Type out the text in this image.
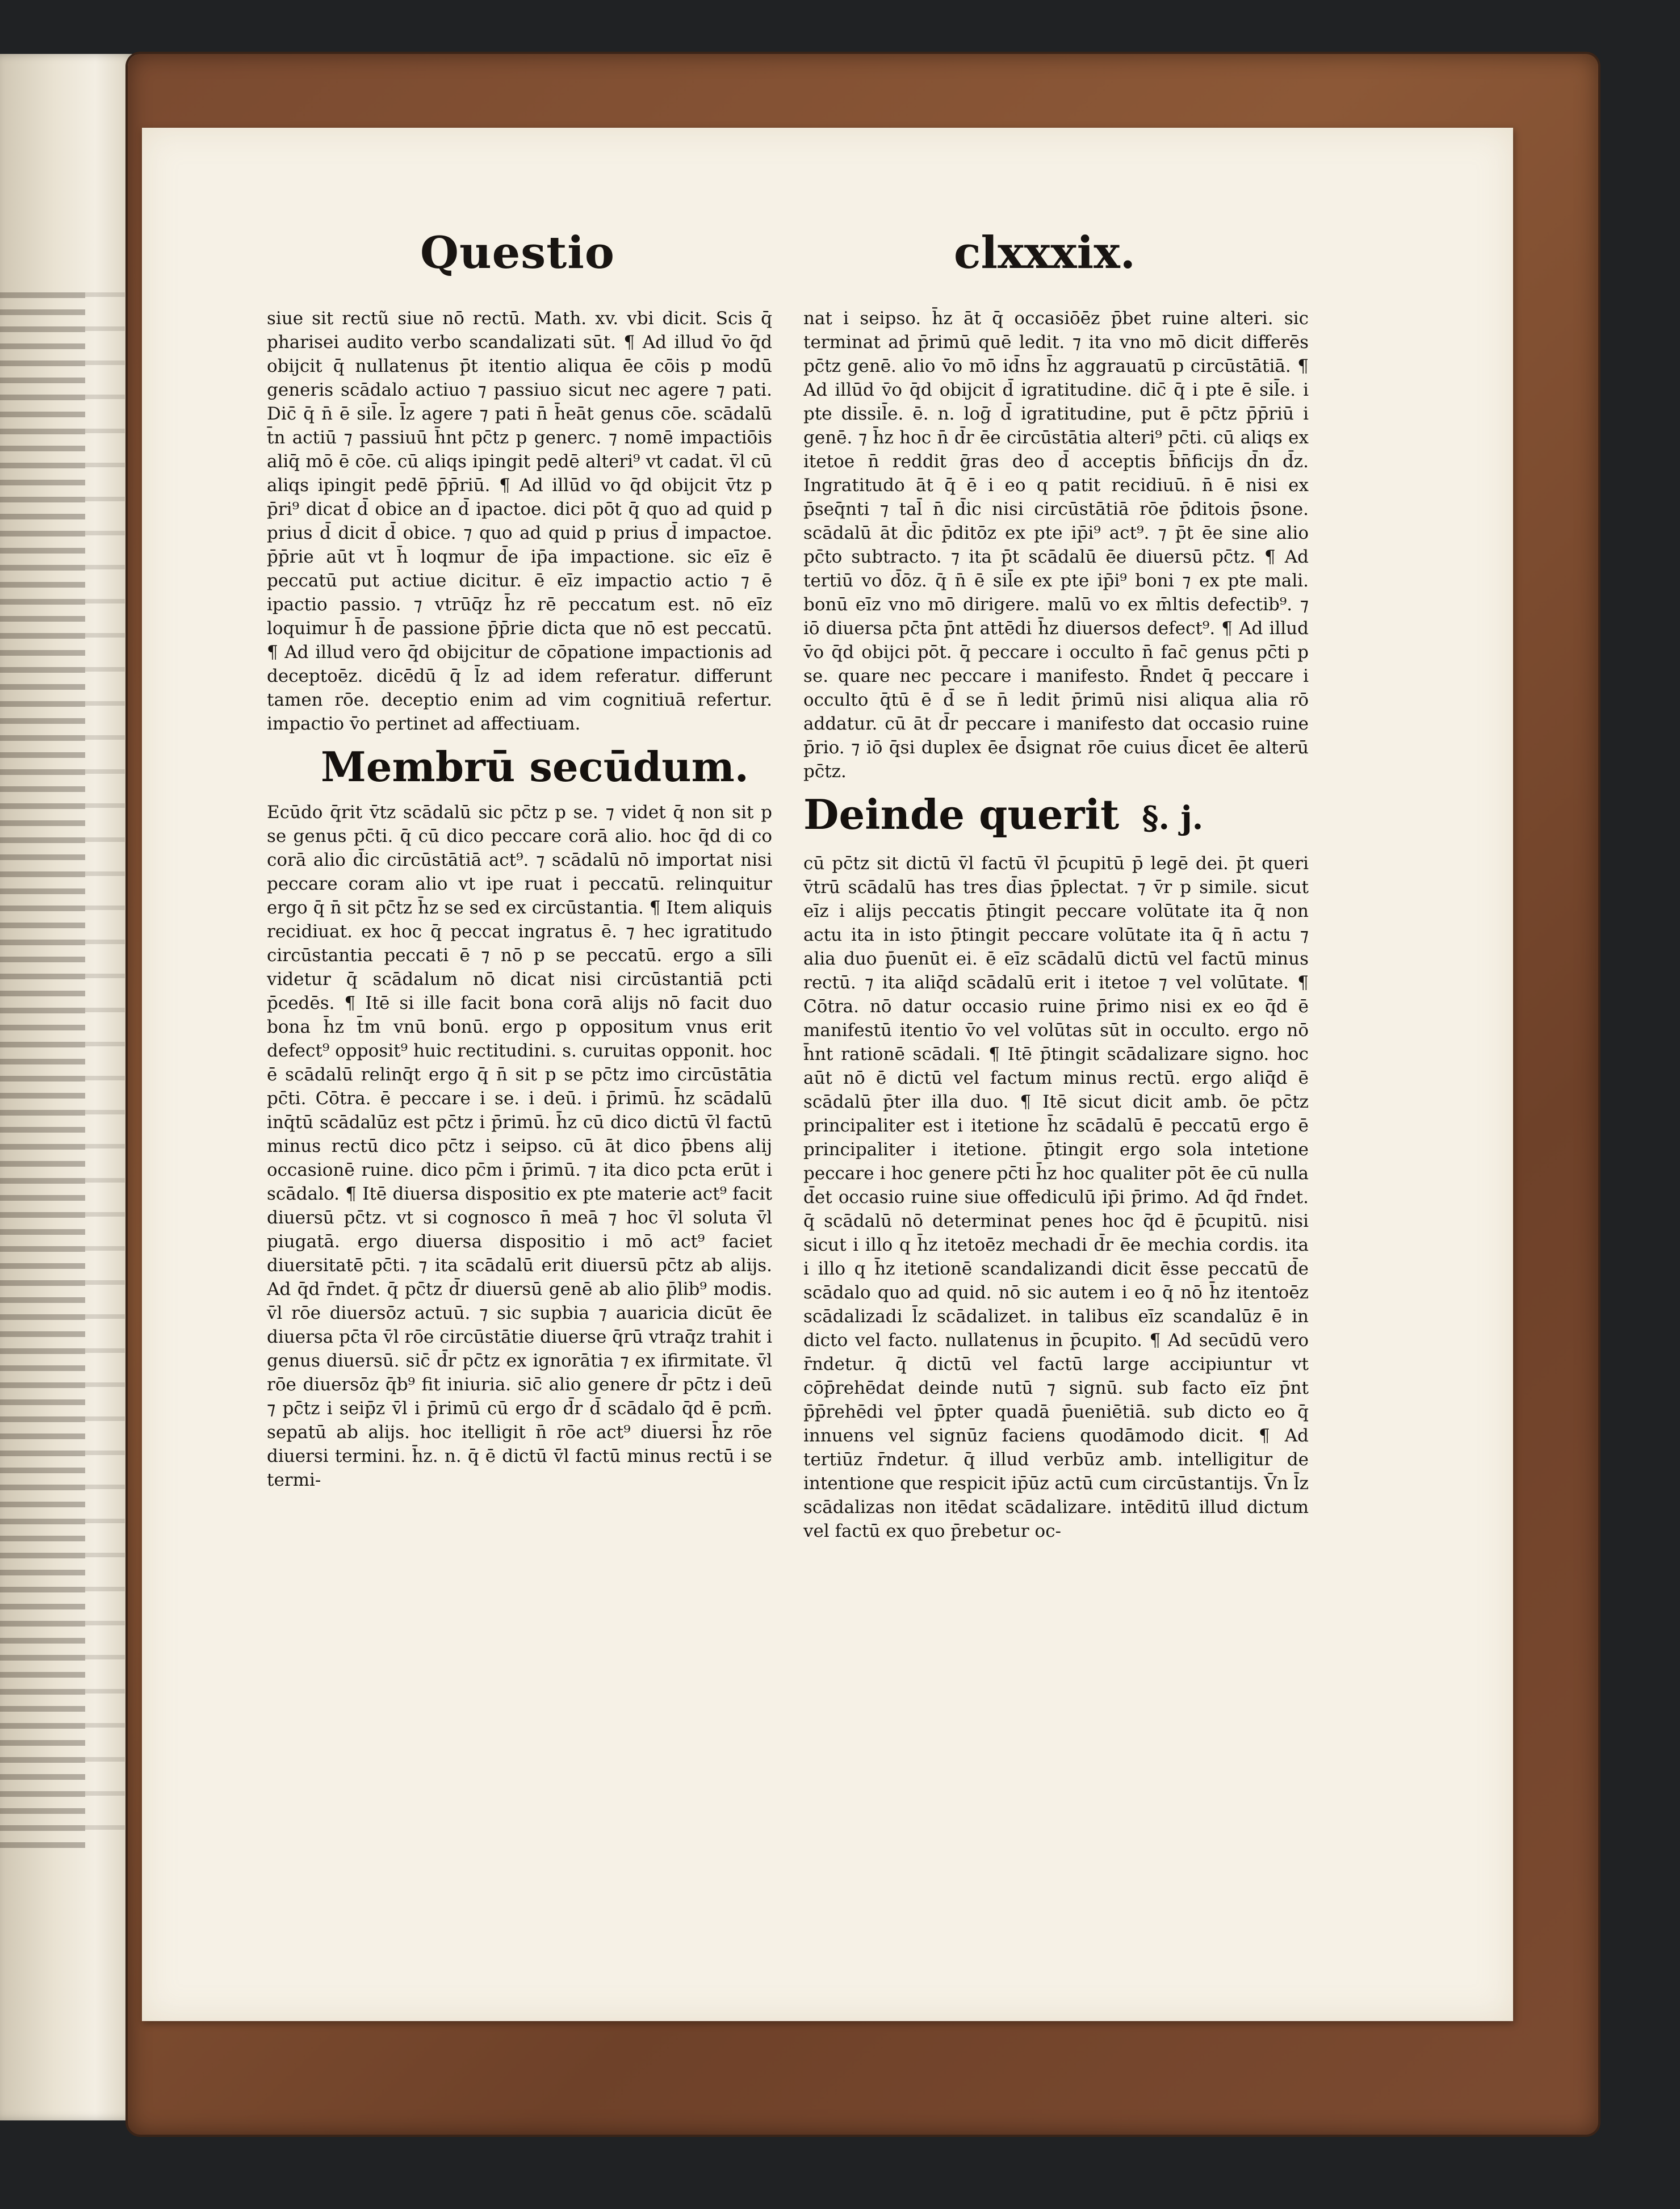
Questio	clxxxix.

siue sit rectũ siue nō rectū. Math. xv. vbi dicit. Scis q̄ pharisei audito verbo scandalizati sūt. ¶ Ad illud v̄o q̄d obijcit q̄ nullatenus p̄t itentio aliqua ēe cōis p modū generis scādalo actiuo ⁊ passiuo sicut nec agere ⁊ pati. Dic̄ q̄ n̄ ē sil̄e. l̄z agere ⁊ pati n̄ h̄eāt genus cōe. scādalū t̄n actiū ⁊ passiuū h̄nt pc̄tz p generc. ⁊ nomē impactiōis aliq̄ mō ē cōe. cū aliqs ipingit pedē alteri⁹ vt cadat. v̄l cū aliqs ipingit pedē p̄p̄riū. ¶ Ad illūd vo q̄d obijcit v̄tz p p̄ri⁹ dicat d̄ obice an d̄ ipactoe. dici pōt q̄ quo ad quid p prius d̄ dicit d̄ obice. ⁊ quo ad quid p prius d̄ impactoe. p̄p̄rie aūt vt h̄ loqmur d̄e ip̄a impactione. sic eīz ē peccatū put actiue dicitur. ē eīz impactio actio ⁊ ē ipactio passio. ⁊ vtrūq̄z h̄z rē peccatum est. nō eīz loquimur h̄ d̄e passione p̄p̄rie dicta que nō est peccatū. ¶ Ad illud vero q̄d obijcitur de cōpatione impactionis ad deceptoēz. dicēdū q̄ l̄z ad idem referatur. differunt tamen rōe. deceptio enim ad vim cognitiuā refertur. impactio v̄o pertinet ad affectiuam.

Membrū secūdum.

Ecūdo q̄rit v̄tz scādalū sic pc̄tz p se. ⁊ videt q̄ non sit p se genus pc̄ti. q̄ cū dico peccare corā alio. hoc q̄d di co corā alio d̄ic circūstātiā act⁹. ⁊ scādalū nō importat nisi peccare coram alio vt ipe ruat i peccatū. relinquitur ergo q̄ n̄ sit pc̄tz h̄z se sed ex circūstantia. ¶ Item aliquis recidiuat. ex hoc q̄ peccat ingratus ē. ⁊ hec igratitudo circūstantia peccati ē ⁊ nō p se peccatū. ergo a sīli videtur q̄ scādalum nō dicat nisi circūstantiā pcti p̄cedēs. ¶ Itē si ille facit bona corā alijs nō facit duo bona h̄z t̄m vnū bonū. ergo p oppositum vnus erit defect⁹ opposit⁹ huic rectitudini. s. curuitas opponit. hoc ē scādalū relinq̄t ergo q̄ n̄ sit p se pc̄tz imo circūstātia pc̄ti. Cōtra. ē peccare i se. i deū. i p̄rimū. h̄z scādalū inq̄tū scādalūz est pc̄tz i p̄rimū. h̄z cū dico dictū v̄l factū minus rectū dico pc̄tz i seipso. cū āt dico p̄bens alij occasionē ruine. dico pc̄m i p̄rimū. ⁊ ita dico pcta erūt i scādalo. ¶ Itē diuersa dispositio ex pte materie act⁹ facit diuersū pc̄tz. vt si cognosco n̄ meā ⁊ hoc v̄l soluta v̄l piugatā. ergo diuersa dispositio i mō act⁹ faciet diuersitatē pc̄ti. ⁊ ita scādalū erit diuersū pc̄tz ab alijs. Ad q̄d r̄ndet. q̄ pc̄tz d̄r diuersū genē ab alio p̄lib⁹ modis. v̄l rōe diuersōz actuū. ⁊ sic supbia ⁊ auaricia dicūt ēe diuersa pc̄ta v̄l rōe circūstātie diuerse q̄rū vtraq̄z trahit i genus diuersū. sic̄ d̄r pc̄tz ex ignorātia ⁊ ex ifirmitate. v̄l rōe diuersōz q̄b⁹ fit iniuria. sic̄ alio genere d̄r pc̄tz i deū ⁊ pc̄tz i seip̄z v̄l i p̄rimū cū ergo d̄r d̄ scādalo q̄d ē pcm̄. sepatū ab alijs. hoc itelligit n̄ rōe act⁹ diuersi h̄z rōe diuersi termini. h̄z. n. q̄ ē dictū v̄l factū minus rectū i se termi-

nat i seipso. h̄z āt q̄ occasiōēz p̄bet ruine alteri. sic terminat ad p̄rimū quē ledit. ⁊ ita vno mō dicit differēs pc̄tz genē. alio v̄o mō id̄ns h̄z aggrauatū p circūstātiā. ¶ Ad illūd v̄o q̄d obijcit d̄ igratitudine. dic̄ q̄ i pte ē sil̄e. i pte dissil̄e. ē. n. loḡ d̄ igratitudine, put ē pc̄tz p̄p̄riū i genē. ⁊ h̄z hoc n̄ d̄r ēe circūstātia alteri⁹ pc̄ti. cū aliqs ex itetoe n̄ reddit ḡras deo d̄ acceptis b̄n̄ficijs d̄n d̄z. Ingratitudo āt q̄ ē i eo q patit recidiuū. n̄ ē nisi ex p̄seq̄nti ⁊ tal̄ n̄ d̄ic nisi circūstātiā rōe p̄ditois p̄sone. scādalū āt d̄ic p̄ditōz ex pte ip̄i⁹ act⁹. ⁊ p̄t ēe sine alio pc̄to subtracto. ⁊ ita p̄t scādalū ēe diuersū pc̄tz. ¶ Ad tertiū vo d̄ōz. q̄ n̄ ē sil̄e ex pte ip̄i⁹ boni ⁊ ex pte mali. bonū eīz vno mō dirigere. malū vo ex m̄ltis defectib⁹. ⁊ iō diuersa pc̄ta p̄nt attēdi h̄z diuersos defect⁹. ¶ Ad illud v̄o q̄d obijci pōt. q̄ peccare i occulto n̄ fac̄ genus pc̄ti p se. quare nec peccare i manifesto. R̄ndet q̄ peccare i occulto q̄tū ē d̄ se n̄ ledit p̄rimū nisi aliqua alia rō addatur. cū āt d̄r peccare i manifesto dat occasio ruine p̄rio. ⁊ iō q̄si duplex ēe d̄signat rōe cuius d̄icet ēe alterū pc̄tz.

Deinde querit §. j.

cū pc̄tz sit dictū v̄l factū v̄l p̄cupitū p̄ legē dei. p̄t queri v̄trū scādalū has tres d̄ias p̄plectat. ⁊ v̄r p simile. sicut eīz i alijs peccatis p̄tingit peccare volūtate ita q̄ non actu ita in isto p̄tingit peccare volūtate ita q̄ n̄ actu ⁊ alia duo p̄uenūt ei. ē eīz scādalū dictū vel factū minus rectū. ⁊ ita aliq̄d scādalū erit i itetoe ⁊ vel volūtate. ¶ Cōtra. nō datur occasio ruine p̄rimo nisi ex eo q̄d ē manifestū itentio v̄o vel volūtas sūt in occulto. ergo nō h̄nt rationē scādali. ¶ Itē p̄tingit scādalizare signo. hoc aūt nō ē dictū vel factum minus rectū. ergo aliq̄d ē scādalū p̄ter illa duo. ¶ Itē sicut dicit amb. ōe pc̄tz principaliter est i itetione h̄z scādalū ē peccatū ergo ē principaliter i itetione. p̄tingit ergo sola intetione peccare i hoc genere pc̄ti h̄z hoc qualiter pōt ēe cū nulla d̄et occasio ruine siue offediculū ip̄i p̄rimo. Ad q̄d r̄ndet. q̄ scādalū nō determinat penes hoc q̄d ē p̄cupitū. nisi sicut i illo q h̄z itetoēz mechadi d̄r ēe mechia cordis. ita i illo q h̄z itetionē scandalizandi dicit ēsse peccatū d̄e scādalo quo ad quid. nō sic autem i eo q̄ nō h̄z itentoēz scādalizadi l̄z scādalizet. in talibus eīz scandalūz ē in dicto vel facto. nullatenus in p̄cupito. ¶ Ad secūdū vero r̄ndetur. q̄ dictū vel factū large accipiuntur vt cōp̄rehēdat deinde nutū ⁊ signū. sub facto eīz p̄nt p̄p̄rehēdi vel p̄pter quadā p̄ueniētiā. sub dicto eo q̄ innuens vel signūz faciens quodāmodo dicit. ¶ Ad tertiūz r̄ndetur. q̄ illud verbūz amb. intelligitur de intentione que respicit ip̄ūz actū cum circūstantijs. V̄n l̄z scādalizas non itēdat scādalizare. intēditū illud dictum vel factū ex quo p̄rebetur oc-
